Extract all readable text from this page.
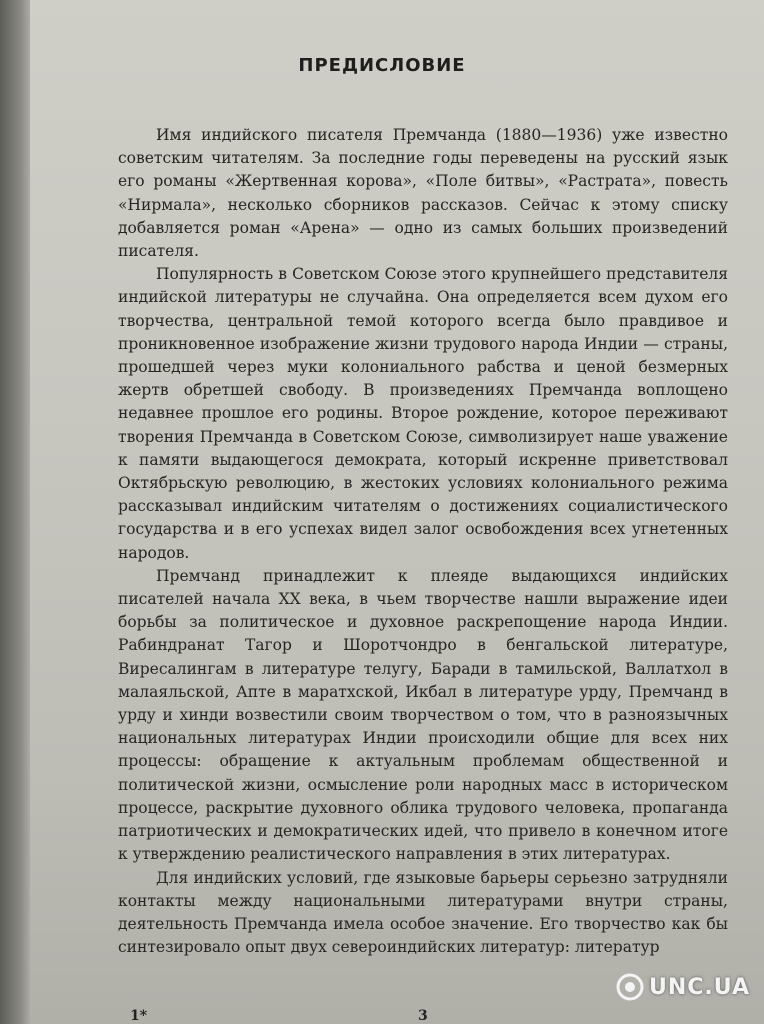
ПРЕДИСЛОВИЕ

Имя индийского писателя Премчанда (1880—1936) уже известно советским читателям. За последние годы переведены на русский язык его романы «Жертвенная корова», «Поле битвы», «Растрата», повесть «Нирмала», несколько сборников рассказов. Сейчас к этому списку добавляется роман «Арена» — одно из самых больших произведений писателя.

Популярность в Советском Союзе этого крупнейшего представителя индийской литературы не случайна. Она определяется всем духом его творчества, центральной темой которого всегда было правдивое и проникновенное изображение жизни трудового народа Индии — страны, прошедшей через муки колониального рабства и ценой безмерных жертв обретшей свободу. В произведениях Премчанда воплощено недавнее прошлое его родины. Второе рождение, которое переживают творения Премчанда в Советском Союзе, символизирует наше уважение к памяти выдающегося демократа, который искренне приветствовал Октябрьскую революцию, в жестоких условиях колониального режима рассказывал индийским читателям о достижениях социалистического государства и в его успехах видел залог освобождения всех угнетенных народов.

Премчанд принадлежит к плеяде выдающихся индийских писателей начала XX века, в чьем творчестве нашли выражение идеи борьбы за политическое и духовное раскрепощение народа Индии. Рабиндранат Тагор и Шоротчондро в бенгальской литературе, Виресалингам в литературе телугу, Баради в тамильской, Валлатхол в малаяльской, Апте в маратхской, Икбал в литературе урду, Премчанд в урду и хинди возвестили своим творчеством о том, что в разноязычных национальных литературах Индии происходили общие для всех них процессы: обращение к актуальным проблемам общественной и политической жизни, осмысление роли народных масс в историческом процессе, раскрытие духовного облика трудового человека, пропаганда патриотических и демократических идей, что привело в конечном итоге к утверждению реалистического направления в этих литературах.

Для индийских условий, где языковые барьеры серьезно затрудняли контакты между национальными литературами внутри страны, деятельность Премчанда имела особое значение. Его творчество как бы синтезировало опыт двух североиндийских литератур: литератур

1*	3
UNC.UA
